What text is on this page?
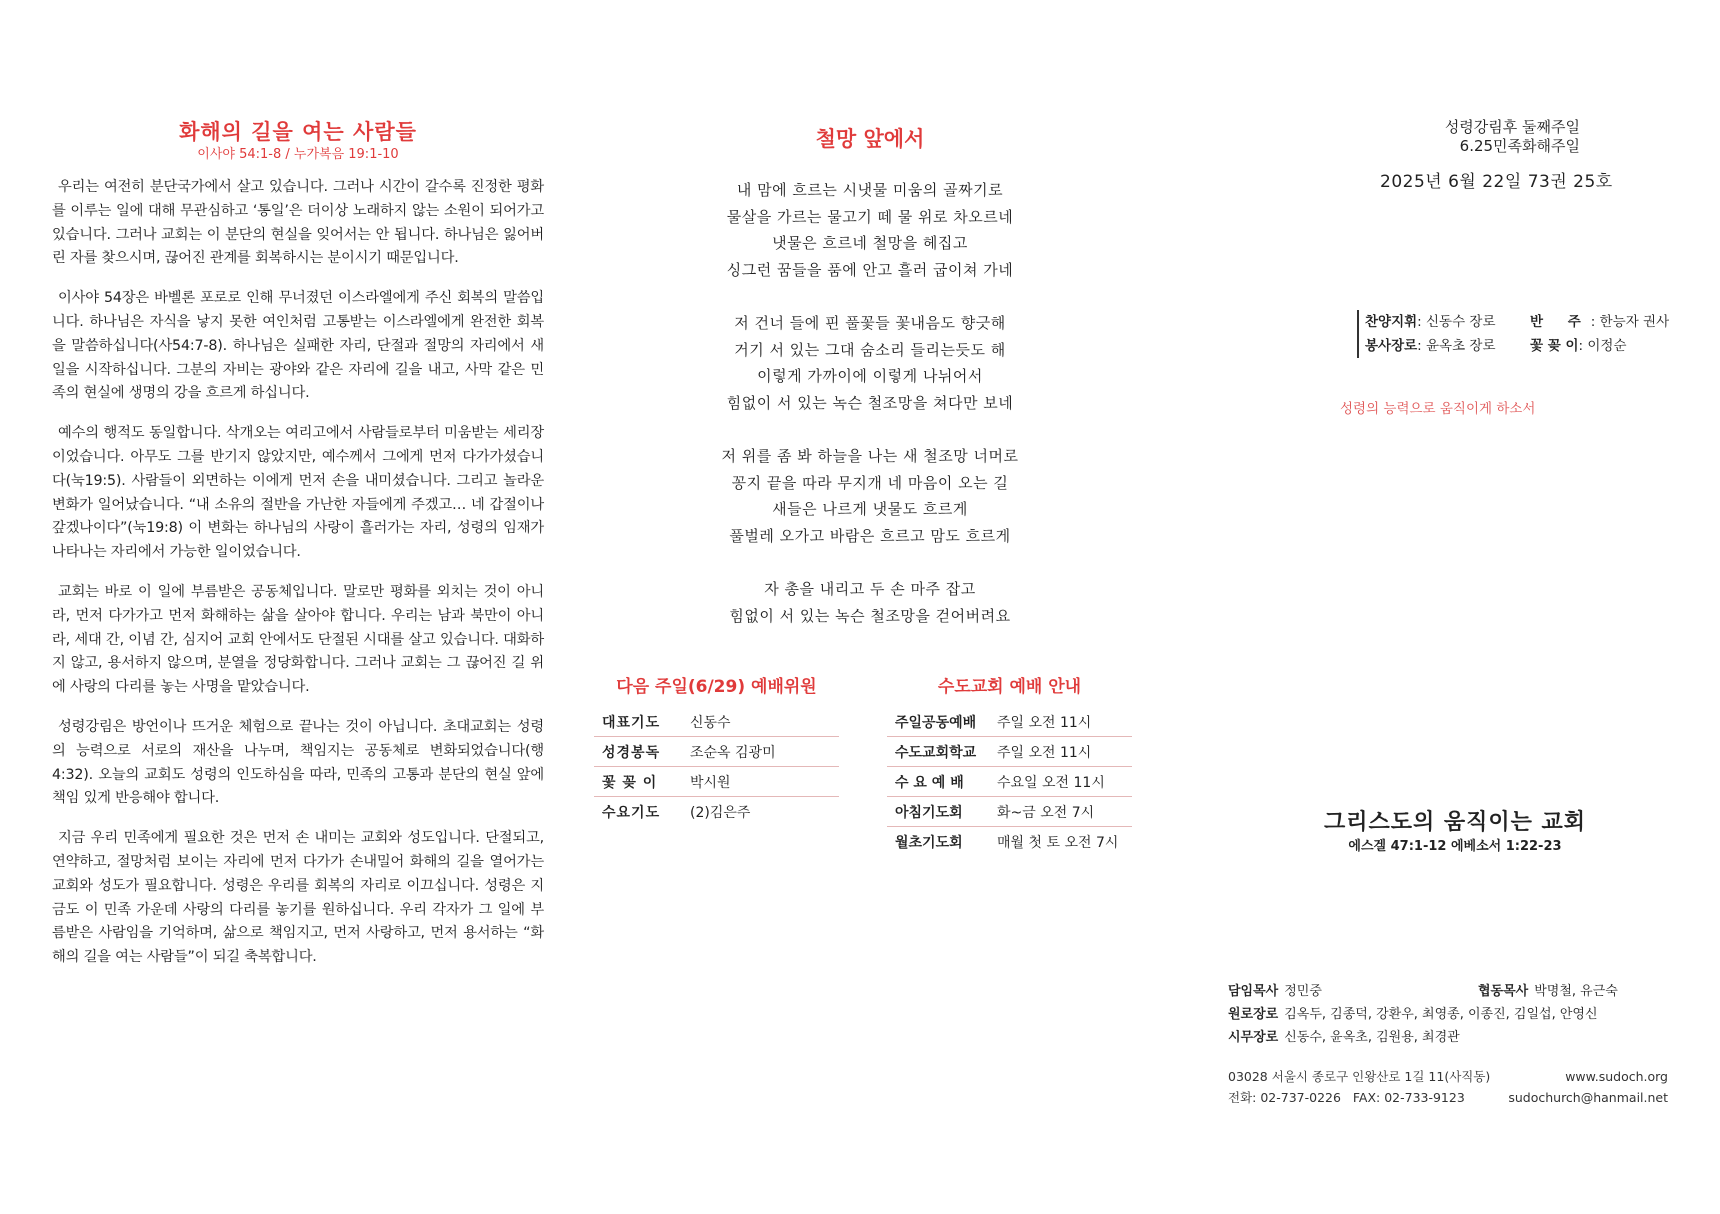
화해의 길을 여는 사람들

이사야 54:1-8 / 누가복음 19:1-10

우리는 여전히 분단국가에서 살고 있습니다. 그러나 시간이 갈수록 진정한 평화를 이루는 일에 대해 무관심하고 ‘통일’은 더이상 노래하지 않는 소원이 되어가고 있습니다. 그러나 교회는 이 분단의 현실을 잊어서는 안 됩니다. 하나님은 잃어버린 자를 찾으시며, 끊어진 관계를 회복하시는 분이시기 때문입니다.

이사야 54장은 바벨론 포로로 인해 무너졌던 이스라엘에게 주신 회복의 말씀입니다. 하나님은 자식을 낳지 못한 여인처럼 고통받는 이스라엘에게 완전한 회복을 말씀하십니다(사54:7-8). 하나님은 실패한 자리, 단절과 절망의 자리에서 새 일을 시작하십니다. 그분의 자비는 광야와 같은 자리에 길을 내고, 사막 같은 민족의 현실에 생명의 강을 흐르게 하십니다.

예수의 행적도 동일합니다. 삭개오는 여리고에서 사람들로부터 미움받는 세리장이었습니다. 아무도 그를 반기지 않았지만, 예수께서 그에게 먼저 다가가셨습니다(눅19:5). 사람들이 외면하는 이에게 먼저 손을 내미셨습니다. 그리고 놀라운 변화가 일어났습니다. “내 소유의 절반을 가난한 자들에게 주겠고… 네 갑절이나 갚겠나이다”(눅19:8) 이 변화는 하나님의 사랑이 흘러가는 자리, 성령의 임재가 나타나는 자리에서 가능한 일이었습니다.

교회는 바로 이 일에 부름받은 공동체입니다. 말로만 평화를 외치는 것이 아니라, 먼저 다가가고 먼저 화해하는 삶을 살아야 합니다. 우리는 남과 북만이 아니라, 세대 간, 이념 간, 심지어 교회 안에서도 단절된 시대를 살고 있습니다. 대화하지 않고, 용서하지 않으며, 분열을 정당화합니다. 그러나 교회는 그 끊어진 길 위에 사랑의 다리를 놓는 사명을 맡았습니다.

성령강림은 방언이나 뜨거운 체험으로 끝나는 것이 아닙니다. 초대교회는 성령의 능력으로 서로의 재산을 나누며, 책임지는 공동체로 변화되었습니다(행 4:32). 오늘의 교회도 성령의 인도하심을 따라, 민족의 고통과 분단의 현실 앞에 책임 있게 반응해야 합니다.

지금 우리 민족에게 필요한 것은 먼저 손 내미는 교회와 성도입니다. 단절되고, 연약하고, 절망처럼 보이는 자리에 먼저 다가가 손내밀어 화해의 길을 열어가는 교회와 성도가 필요합니다. 성령은 우리를 회복의 자리로 이끄십니다. 성령은 지금도 이 민족 가운데 사랑의 다리를 놓기를 원하십니다. 우리 각자가 그 일에 부름받은 사람임을 기억하며, 삶으로 책임지고, 먼저 사랑하고, 먼저 용서하는 “화해의 길을 여는 사람들”이 되길 축복합니다.

철망 앞에서
내 맘에 흐르는 시냇물 미움의 골짜기로
물살을 가르는 물고기 떼 물 위로 차오르네
냇물은 흐르네 철망을 헤집고
싱그런 꿈들을 품에 안고 흘러 굽이쳐 가네
저 건너 들에 핀 풀꽃들 꽃내음도 향긋해
거기 서 있는 그대 숨소리 들리는듯도 해
이렇게 가까이에 이렇게 나뉘어서
힘없이 서 있는 녹슨 철조망을 쳐다만 보네
저 위를 좀 봐 하늘을 나는 새 철조망 너머로
꽁지 끝을 따라 무지개 네 마음이 오는 길
새들은 나르게 냇물도 흐르게
풀벌레 오가고 바람은 흐르고 맘도 흐르게
자 총을 내리고 두 손 마주 잡고
힘없이 서 있는 녹슨 철조망을 걷어버려요
다음 주일(6/29) 예배위원
대표기도	신동수
성경봉독	조순옥 김광미
꽃 꽂 이	박시원
수요기도	(2)김은주
수도교회 예배 안내
주일공동예배	주일 오전 11시
수도교회학교	주일 오전 11시
수 요 예 배	수요일 오전 11시
아침기도회	화~금 오전 7시
월초기도회	매월 첫 토 오전 7시
성령강림후 둘째주일
6.25민족화해주일
2025년 6월 22일 73권 25호
찬양지휘: 신동수 장로	반 주: 한능자 권사
봉사장로: 윤옥초 장로	꽃 꽂 이: 이정순
성령의 능력으로 움직이게 하소서
그리스도의 움직이는 교회
에스겔 47:1-12 에베소서 1:22-23
담임목사 정민중	협동목사 박명철, 유근숙
원로장로 김옥두, 김종덕, 강환우, 최영종, 이종진, 김일섭, 안영신
시무장로 신동수, 윤옥초, 김원용, 최경관
03028 서울시 종로구 인왕산로 1길 11(사직동)	www.sudoch.org
전화: 02-737-0226   FAX: 02-733-9123	sudochurch@hanmail.net
